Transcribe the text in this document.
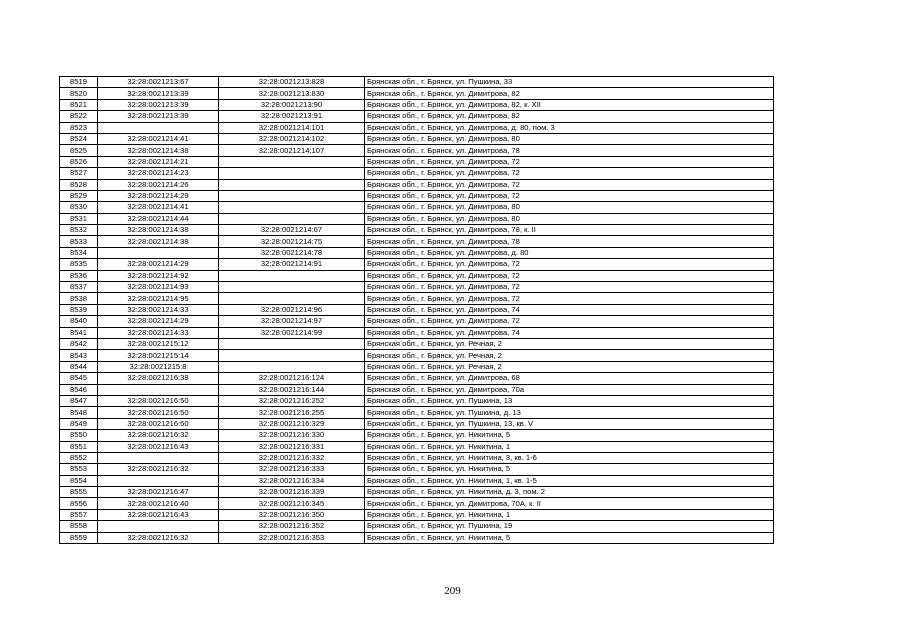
8519	32:28:0021213:67	32:28:0021213:828	Брянская обл., г. Брянск, ул. Пушкина, 33
8520	32:28:0021213:39	32:28:0021213:830	Брянская обл., г. Брянск, ул. Димитрова, 82
8521	32:28:0021213:39	32:28:0021213:90	Брянская обл., г. Брянск, ул. Димитрова, 82, к. XII
8522	32:28:0021213:39	32:28:0021213:91	Брянская обл., г. Брянск, ул. Димитрова, 82
8523		32:28:0021214:101	Брянская обл., г. Брянск, ул. Димитрова, д. 80, пом. 3
8524	32:28:0021214:41	32:28:0021214:102	Брянская обл., г. Брянск, ул. Димитрова, 80
8525	32:28:0021214:38	32:28:0021214:107	Брянская обл., г. Брянск, ул. Димитрова, 78
8526	32:28:0021214:21		Брянская обл., г. Брянск, ул. Димитрова, 72
8527	32:28:0021214:23		Брянская обл., г. Брянск, ул. Димитрова, 72
8528	32:28:0021214:26		Брянская обл., г. Брянск, ул. Димитрова, 72
8529	32:28:0021214:29		Брянская обл., г. Брянск, ул. Димитрова, 72
8530	32:28:0021214:41		Брянская обл., г. Брянск, ул. Димитрова, 80
8531	32:28:0021214:44		Брянская обл., г. Брянск, ул. Димитрова, 80
8532	32:28:0021214:38	32:28:0021214:67	Брянская обл., г. Брянск, ул. Димитрова, 78, к. II
8533	32:28:0021214:38	32:28:0021214:75	Брянская обл., г. Брянск, ул. Димитрова, 78
8534		32:28:0021214:78	Брянская обл., г. Брянск, ул. Димитрова, д. 80
8535	32:28:0021214:29	32:28:0021214:91	Брянская обл., г. Брянск, ул. Димитрова, 72
8536	32:28:0021214:92		Брянская обл., г. Брянск, ул. Димитрова, 72
8537	32:28:0021214:93		Брянская обл., г. Брянск, ул. Димитрова, 72
8538	32:28:0021214:95		Брянская обл., г. Брянск, ул. Димитрова, 72
8539	32:28:0021214:33	32:28:0021214:96	Брянская обл., г. Брянск, ул. Димитрова, 74
8540	32:28:0021214:29	32:28:0021214:97	Брянская обл., г. Брянск, ул. Димитрова, 72
8541	32:28:0021214:33	32:28:0021214:99	Брянская обл., г. Брянск, ул. Димитрова, 74
8542	32:28:0021215:12		Брянская обл., г. Брянск, ул. Речная, 2
8543	32:28:0021215:14		Брянская обл., г. Брянск, ул. Речная, 2
8544	32:28:0021215:8		Брянская обл., г. Брянск, ул. Речная, 2
8545	32:28:0021216:38	32:28:0021216:124	Брянская обл., г. Брянск, ул. Димитрова, 68
8546		32:28:0021216:144	Брянская обл., г. Брянск, ул. Димитрова, 70а
8547	32:28:0021216:50	32:28:0021216:252	Брянская обл., г. Брянск, ул. Пушкина, 13
8548	32:28:0021216:50	32:28:0021216:255	Брянская обл., г. Брянск, ул. Пушкина, д. 13
8549	32:28:0021216:50	32:28:0021216:329	Брянская обл., г. Брянск, ул. Пушкина, 13, кв. V
8550	32:28:0021216:32	32:28:0021216:330	Брянская обл., г. Брянск, ул. Никитина, 5
8551	32:28:0021216:43	32:28:0021216:331	Брянская обл., г. Брянск, ул. Никитина, 1
8552		32:28:0021216:332	Брянская обл., г. Брянск, ул. Никитина, 3, кв. 1-6
8553	32:28:0021216:32	32:28:0021216:333	Брянская обл., г. Брянск, ул. Никитина, 5
8554		32:28:0021216:334	Брянская обл., г. Брянск, ул. Никитина, 1, кв. 1-5
8555	32:28:0021216:47	32:28:0021216:339	Брянская обл., г. Брянск, ул. Никитина, д. 3, пом. 2
8556	32:28:0021216:40	32:28:0021216:345	Брянская обл., г. Брянск, ул. Димитрова, 70А, к. II
8557	32:28:0021216:43	32:28:0021216:350	Брянская обл., г. Брянск, ул. Никитина, 1
8558		32:28:0021216:352	Брянская обл., г. Брянск, ул. Пушкина, 19
8559	32:28:0021216:32	32:28:0021216:353	Брянская обл., г. Брянск, ул. Никитина, 5
209
